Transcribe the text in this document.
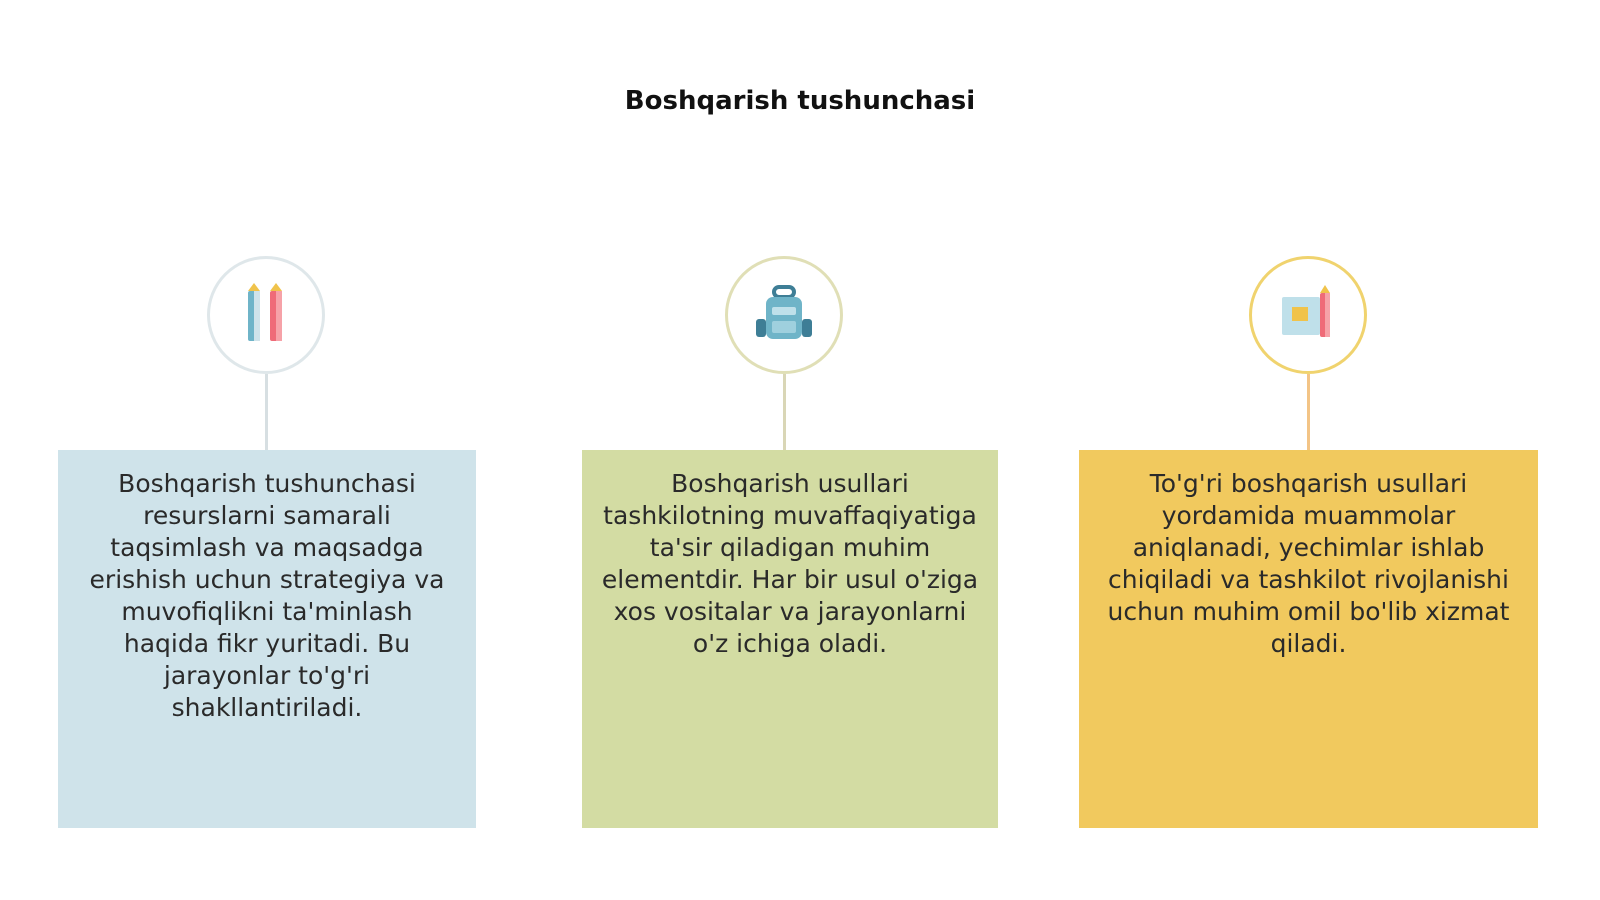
Boshqarish tushunchasi
Boshqarish tushunchasi resurslarni samarali taqsimlash va maqsadga erishish uchun strategiya va muvofiqlikni ta'minlash haqida fikr yuritadi. Bu jarayonlar to'g'ri shakllantiriladi.
Boshqarish usullari tashkilotning muvaffaqiyatiga ta'sir qiladigan muhim elementdir. Har bir usul o'ziga xos vositalar va jarayonlarni o'z ichiga oladi.
To'g'ri boshqarish usullari yordamida muammolar aniqlanadi, yechimlar ishlab chiqiladi va tashkilot rivojlanishi uchun muhim omil bo'lib xizmat qiladi.
